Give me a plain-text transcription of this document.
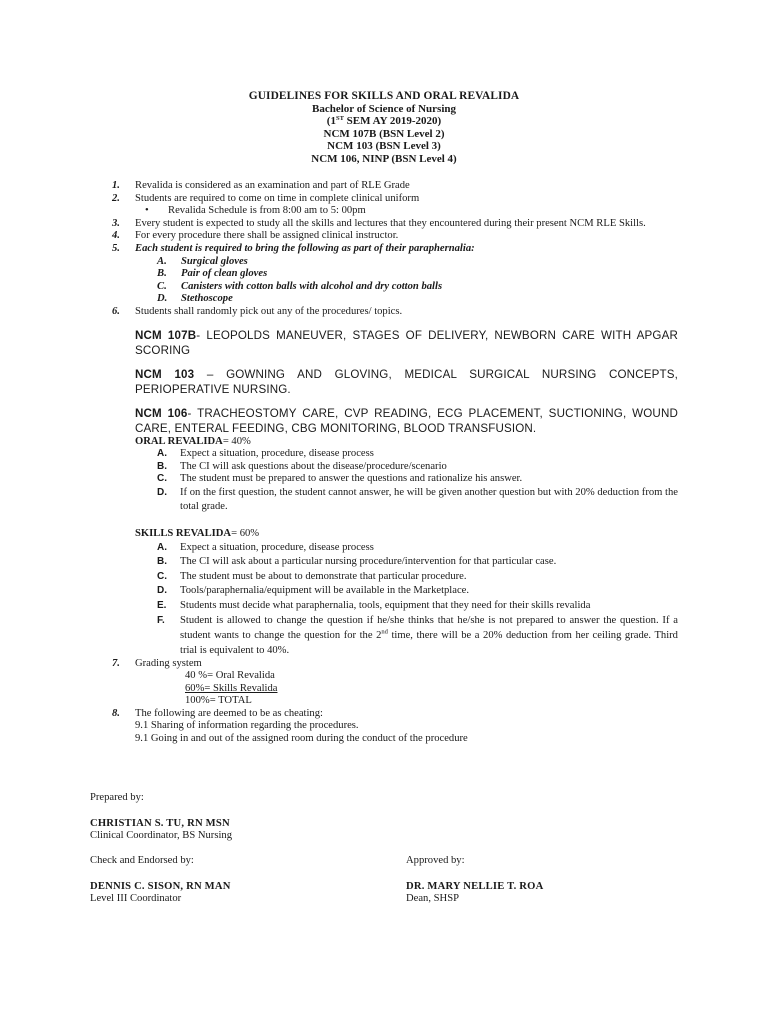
GUIDELINES FOR SKILLS AND ORAL REVALIDA
Bachelor of Science of Nursing
(1ST SEM AY 2019-2020)
NCM 107B (BSN Level 2)
NCM 103 (BSN Level 3)
NCM 106, NINP (BSN Level 4)
1. Revalida is considered as an examination and part of RLE Grade
2. Students are required to come on time in complete clinical uniform
• Revalida Schedule is from 8:00 am to 5: 00pm
3. Every student is expected to study all the skills and lectures that they encountered during their present NCM RLE Skills.
4. For every procedure there shall be assigned clinical instructor.
5. Each student is required to bring the following as part of their paraphernalia:
A. Surgical gloves
B. Pair of clean gloves
C. Canisters with cotton balls with alcohol and dry cotton balls
D. Stethoscope
6. Students shall randomly pick out any of the procedures/ topics.
NCM 107B- LEOPOLDS MANEUVER, STAGES OF DELIVERY, NEWBORN CARE WITH APGAR SCORING
NCM 103 – GOWNING AND GLOVING, MEDICAL SURGICAL NURSING CONCEPTS, PERIOPERATIVE NURSING.
NCM 106- TRACHEOSTOMY CARE, CVP READING, ECG PLACEMENT, SUCTIONING, WOUND CARE, ENTERAL FEEDING, CBG MONITORING, BLOOD TRANSFUSION.
ORAL REVALIDA= 40%
A. Expect a situation, procedure, disease process
B. The CI will ask questions about the disease/procedure/scenario
C. The student must be prepared to answer the questions and rationalize his answer.
D. If on the first question, the student cannot answer, he will be given another question but with 20% deduction from the total grade.
SKILLS REVALIDA= 60%
A. Expect a situation, procedure, disease process
B. The CI will ask about a particular nursing procedure/intervention for that particular case.
C. The student must be about to demonstrate that particular procedure.
D. Tools/paraphernalia/equipment will be available in the Marketplace.
E. Students must decide what paraphernalia, tools, equipment that they need for their skills revalida
F. Student is allowed to change the question if he/she thinks that he/she is not prepared to answer the question. If a student wants to change the question for the 2nd time, there will be a 20% deduction from her ceiling grade. Third trial is equivalent to 40%.
7. Grading system
40 %= Oral Revalida
60%= Skills Revalida
100%= TOTAL
8. The following are deemed to be as cheating:
9.1 Sharing of information regarding the procedures.
9.1 Going in and out of the assigned room during the conduct of the procedure
Prepared by:
CHRISTIAN S. TU, RN MSN
Clinical Coordinator, BS Nursing
Check and Endorsed by:
DENNIS C. SISON, RN MAN
Level III Coordinator
Approved by:
DR. MARY NELLIE T. ROA
Dean, SHSP
